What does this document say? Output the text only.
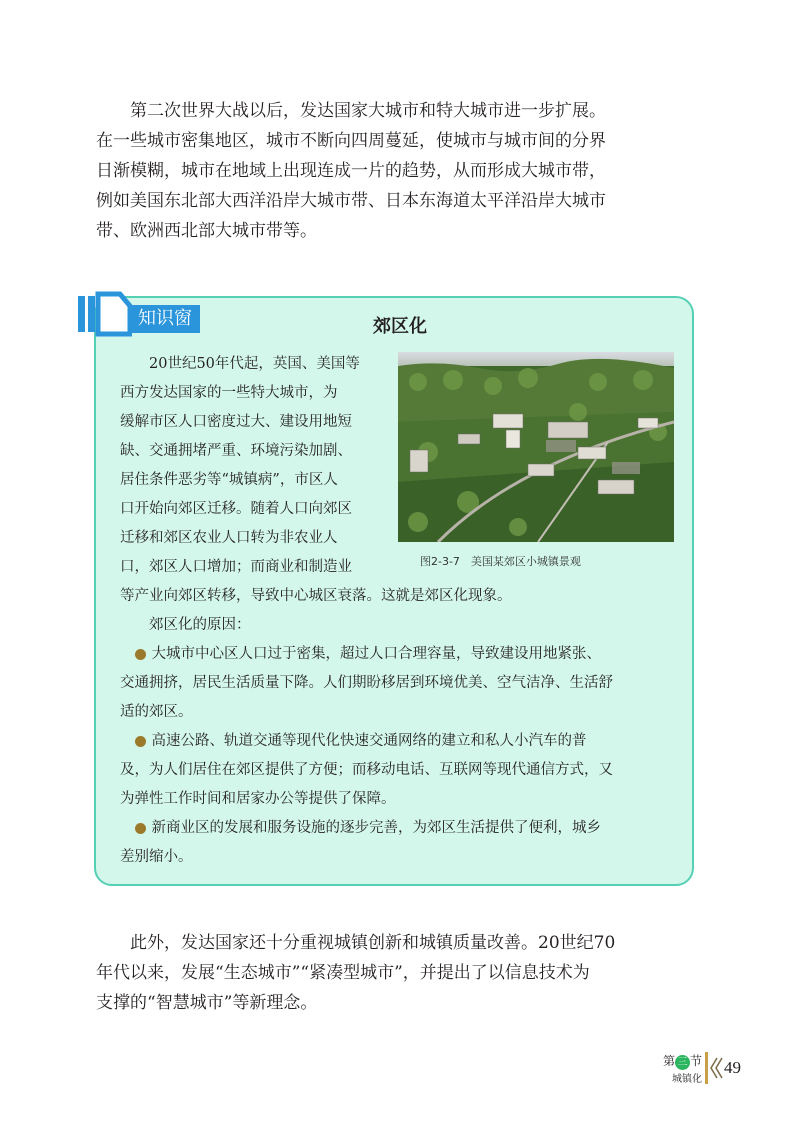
　　第二次世界大战以后，发达国家大城市和特大城市进一步扩展。
在一些城市密集地区，城市不断向四周蔓延，使城市与城市间的分界
日渐模糊，城市在地域上出现连成一片的趋势，从而形成大城市带，
例如美国东北部大西洋沿岸大城市带、日本东海道太平洋沿岸大城市
带、欧洲西北部大城市带等。
知识窗	郊区化
　　20世纪50年代起，英国、美国等
西方发达国家的一些特大城市，为
缓解市区人口密度过大、建设用地短
缺、交通拥堵严重、环境污染加剧、
居住条件恶劣等“城镇病”，市区人
口开始向郊区迁移。随着人口向郊区
迁移和郊区农业人口转为非农业人
口，郊区人口增加；而商业和制造业	图2-3-7　美国某郊区小城镇景观
等产业向郊区转移，导致中心城区衰落。这就是郊区化现象。
　　郊区化的原因：
　大城市中心区人口过于密集，超过人口合理容量，导致建设用地紧张、
交通拥挤，居民生活质量下降。人们期盼移居到环境优美、空气洁净、生活舒
适的郊区。
　高速公路、轨道交通等现代化快速交通网络的建立和私人小汽车的普
及，为人们居住在郊区提供了方便；而移动电话、互联网等现代通信方式，又
为弹性工作时间和居家办公等提供了保障。
　新商业区的发展和服务设施的逐步完善，为郊区生活提供了便利，城乡
差别缩小。
　　此外，发达国家还十分重视城镇创新和城镇质量改善。20世纪70
年代以来，发展“生态城市”“紧凑型城市”，并提出了以信息技术为
支撑的“智慧城市”等新理念。
第 三 节
城镇化
49
